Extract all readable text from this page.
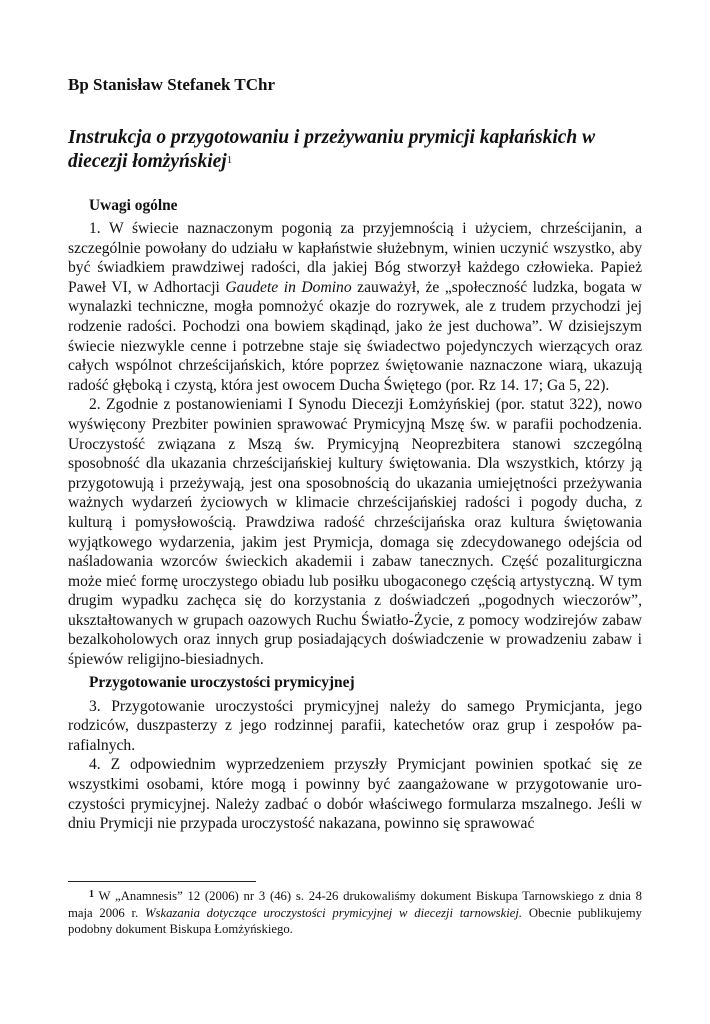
Bp Stanisław Stefanek TChr

Instrukcja o przygotowaniu i przeżywaniu prymicji kapłańskich w diecezji łomżyńskiej$^1$

Uwagi ogólne

1. W świecie naznaczonym pogonią za przyjemnością i użyciem, chrześcijanin, a szczególnie powołany do udziału w kapłaństwie służebnym, winien uczynić wszystko, aby być świadkiem prawdziwej radości, dla jakiej Bóg stworzył każdego człowieka. Papież Paweł VI, w Adhortacji Gaudete in Domino zauważył, że „społeczność ludzka, bogata w wynalazki techniczne, mogła pomnożyć okazje do rozrywek, ale z trudem przychodzi jej rodzenie radości. Pochodzi ona bowiem skądinąd, jako że jest duchowa”. W dzisiejszym świecie niezwykle cenne i potrzebne staje się świadectwo pojedynczych wierzących oraz całych wspólnot chrześcijańskich, które poprzez świętowanie naznaczone wiarą, ukazują radość głęboką i czystą, która jest owocem Ducha Świętego (por. Rz 14. 17; Ga 5, 22).

2. Zgodnie z postanowieniami I Synodu Diecezji Łomżyńskiej (por. statut 322), nowo wyświęcony Prezbiter powinien sprawować Prymicyjną Mszę św. w parafii pochodzenia. Uroczystość związana z Mszą św. Prymicyjną Neoprezbitera stanowi szczególną sposobność dla ukazania chrześcijańskiej kultury świętowania. Dla wszystkich, którzy ją przygotowują i przeżywają, jest ona sposobnością do ukazania umiejętności przeżywania ważnych wydarzeń życiowych w klimacie chrześcijańskiej radości i pogody ducha, z kulturą i pomysłowością. Prawdziwa radość chrześcijańska oraz kultura świętowania wyjątkowego wydarzenia, jakim jest Prymicja, domaga się zdecydowanego odejścia od naśladowania wzorców świeckich akademii i zabaw tanecznych. Część pozaliturgiczna może mieć formę uroczystego obiadu lub posiłku ubogaconego częścią artystyczną. W tym drugim wypadku zachęca się do korzystania z doświadczeń „pogodnych wieczorów”, ukształtowanych w grupach oazowych Ruchu Światło-Życie, z pomocy wodzirejów zabaw bezalkoholowych oraz innych grup posiadających doświadczenie w prowadzeniu zabaw i śpiewów religijno-biesiadnych.

Przygotowanie uroczystości prymicyjnej

3. Przygotowanie uroczystości prymicyjnej należy do samego Prymicjanta, jego rodziców, duszpasterzy z jego rodzinnej parafii, katechetów oraz grup i zespołów parafialnych.

4. Z odpowiednim wyprzedzeniem przyszły Prymicjant powinien spotkać się ze wszystkimi osobami, które mogą i powinny być zaangażowane w przygotowanie uroczystości prymicyjnej. Należy zadbać o dobór właściwego formularza mszalnego. Jeśli w dniu Prymicji nie przypada uroczystość nakazana, powinno się sprawować

$^1$ W „Anamnesis” 12 (2006) nr 3 (46) s. 24-26 drukowaliśmy dokument Biskupa Tarnowskiego z dnia 8 maja 2006 r. Wskazania dotyczące uroczystości prymicyjnej w diecezji tarnowskiej. Obecnie publikujemy podobny dokument Biskupa Łomżyńskiego.
